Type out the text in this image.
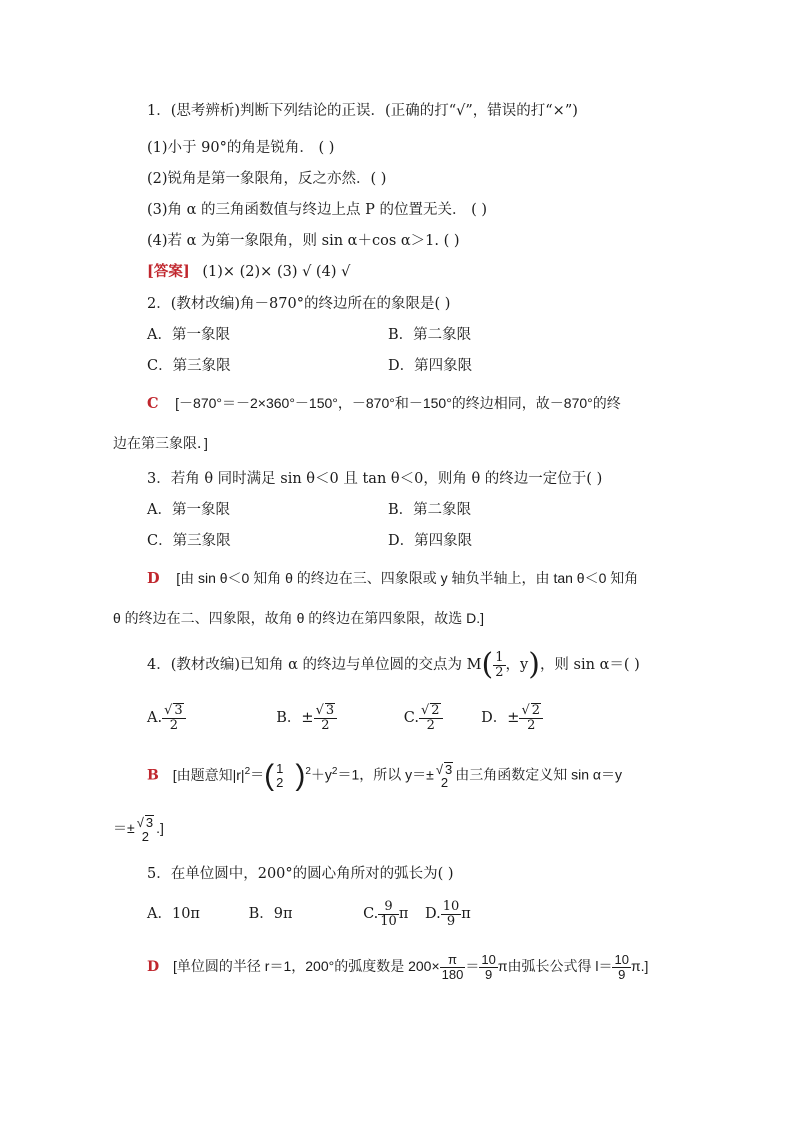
1．(思考辨析)判断下列结论的正误．(正确的打“√”，错误的打“×”)
(1)小于 90°的角是锐角． ( )
(2)锐角是第一象限角，反之亦然．( )
(3)角 α 的三角函数值与终边上点 P 的位置无关． ( )
(4)若 α 为第一象限角，则 sin α＋cos α＞1. ( )
[答案] (1)× (2)× (3) √ (4) √
2．(教材改编)角－870°的终边所在的象限是( )
A．第一象限	B．第二象限
C．第三象限	D．第四象限
C [－870°＝－2×360°－150°，－870°和－150°的终边相同，故－870°的终
边在第三象限．]
3．若角 θ 同时满足 sin θ＜0 且 tan θ＜0，则角 θ 的终边一定位于( )
A．第一象限	B．第二象限
C．第三象限	D．第四象限
D [由 sin θ＜0 知角 θ 的终边在三、四象限或 y 轴负半轴上，由 tan θ＜0 知角
θ 的终边在二、四象限，故角 θ 的终边在第四象限，故选 D.]
4．(教材改编)已知角 α 的终边与单位圆的交点为 $M( \frac{1}{2}$ ，y)，则 sin α＝( )
A. $\frac{√ 3}{2}$	B．± $\frac{√ 3}{2}$	C. $\frac{√ 2}{2}$	D．± $\frac{√ 2}{2}$
B [由题意知$|r|^2=$( 1
2 )$^2+y^2=1$，所以 y＝± √ 3
2
由三角函数定义知 sin α＝y
＝± √ 3
2
.]
5．在单位圆中，200°的圆心角所对的弧长为( )
A．10π	B．9π	C. $\frac{9}{10}$ π D. $\frac{10}{9}$ π
D [单位圆的半径 r＝1，200°的弧度数是 $200\times \frac{\pi}{180} = \frac{10}{9}$ π由弧长公式得 $l= \frac{10}{9} \pi$.]
